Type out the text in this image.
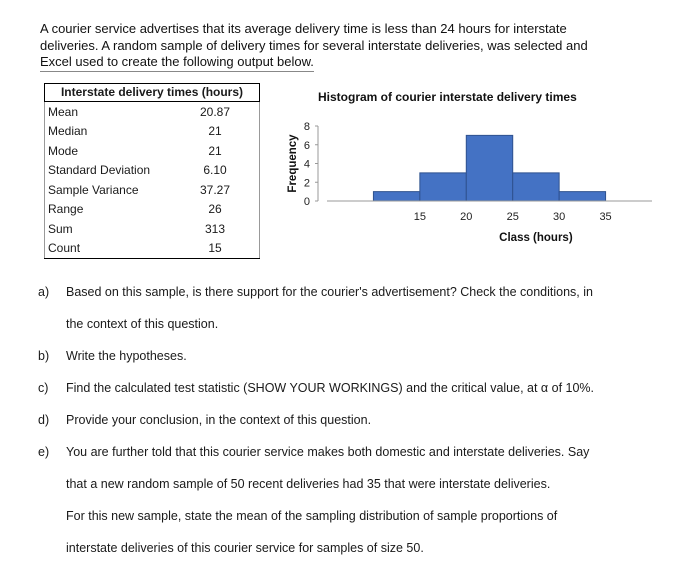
A courier service advertises that its average delivery time is less than 24 hours for interstate
deliveries. A random sample of delivery times for several interstate deliveries, was selected and
Excel used to create the following output below.
Interstate delivery times (hours)
Mean	20.87
Median	21
Mode	21
Standard Deviation	6.10
Sample Variance	37.27
Range	26
Sum	313
Count	15
Histogram of courier interstate delivery times
0
2
4
6
8
15	20	25	30	35
Class (hours)
Frequency
a)	Based on this sample, is there support for the courier's advertisement? Check the conditions, in
the context of this question.
b)	Write the hypotheses.
c)	Find the calculated test statistic (SHOW YOUR WORKINGS) and the critical value, at α of 10%.
d)	Provide your conclusion, in the context of this question.
e)	You are further told that this courier service makes both domestic and interstate deliveries. Say
that a new random sample of 50 recent deliveries had 35 that were interstate deliveries.
For this new sample, state the mean of the sampling distribution of sample proportions of
interstate deliveries of this courier service for samples of size 50.
